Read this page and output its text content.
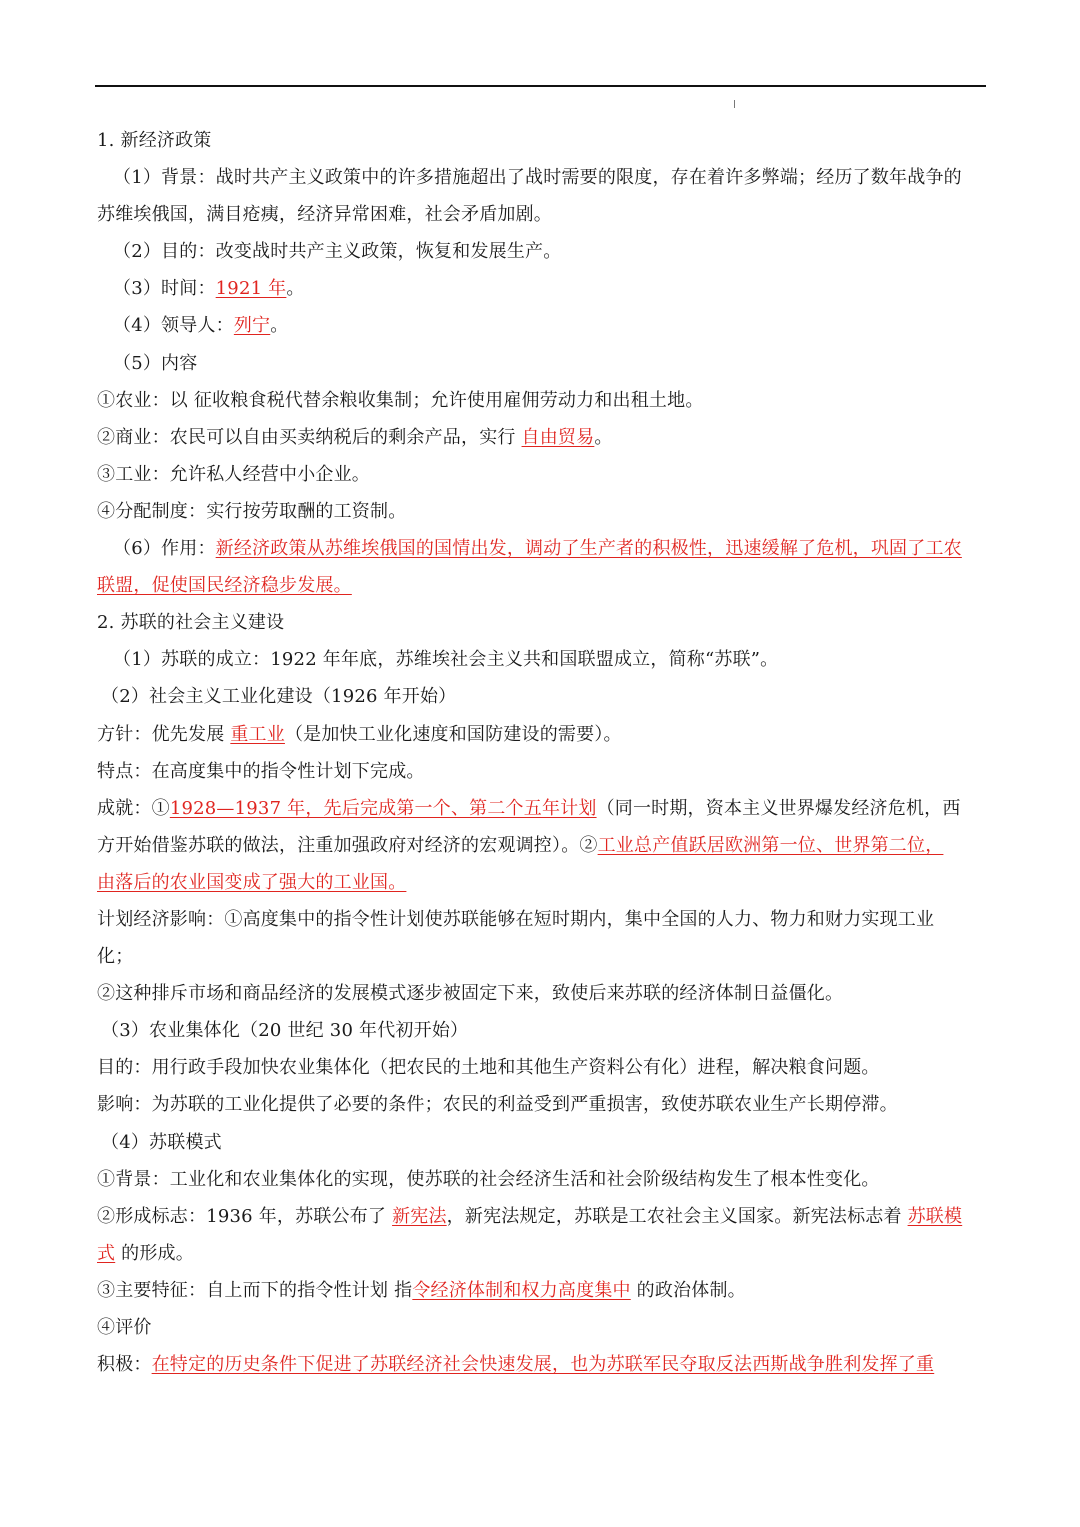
1. 新经济政策
（1）背景：战时共产主义政策中的许多措施超出了战时需要的限度，存在着许多弊端；经历了数年战争的
苏维埃俄国，满目疮痍，经济异常困难，社会矛盾加剧。
（2）目的：改变战时共产主义政策，恢复和发展生产。
（3）时间：1921 年。
（4）领导人：列宁。
（5）内容
①农业：以 征收粮食税代替余粮收集制；允许使用雇佣劳动力和出租土地。
②商业：农民可以自由买卖纳税后的剩余产品，实行 自由贸易。
③工业：允许私人经营中小企业。
④分配制度：实行按劳取酬的工资制。
（6）作用：新经济政策从苏维埃俄国的国情出发，调动了生产者的积极性，迅速缓解了危机，巩固了工农
联盟，促使国民经济稳步发展。
2. 苏联的社会主义建设
（1）苏联的成立：1922 年年底，苏维埃社会主义共和国联盟成立，简称“苏联”。
（2）社会主义工业化建设（1926 年开始）
方针：优先发展 重工业（是加快工业化速度和国防建设的需要）。
特点：在高度集中的指令性计划下完成。
成就：①1928—1937 年，先后完成第一个、第二个五年计划（同一时期，资本主义世界爆发经济危机，西
方开始借鉴苏联的做法，注重加强政府对经济的宏观调控）。②工业总产值跃居欧洲第一位、世界第二位，
由落后的农业国变成了强大的工业国。
计划经济影响：①高度集中的指令性计划使苏联能够在短时期内，集中全国的人力、物力和财力实现工业
化；
②这种排斥市场和商品经济的发展模式逐步被固定下来，致使后来苏联的经济体制日益僵化。
（3）农业集体化（20 世纪 30 年代初开始）
目的：用行政手段加快农业集体化（把农民的土地和其他生产资料公有化）进程，解决粮食问题。
影响：为苏联的工业化提供了必要的条件；农民的利益受到严重损害，致使苏联农业生产长期停滞。
（4）苏联模式
①背景：工业化和农业集体化的实现，使苏联的社会经济生活和社会阶级结构发生了根本性变化。
②形成标志：1936 年，苏联公布了 新宪法，新宪法规定，苏联是工农社会主义国家。新宪法标志着 苏联模
式 的形成。
③主要特征：自上而下的指令性计划 指令经济体制和权力高度集中 的政治体制。
④评价
积极：在特定的历史条件下促进了苏联经济社会快速发展，也为苏联军民夺取反法西斯战争胜利发挥了重
